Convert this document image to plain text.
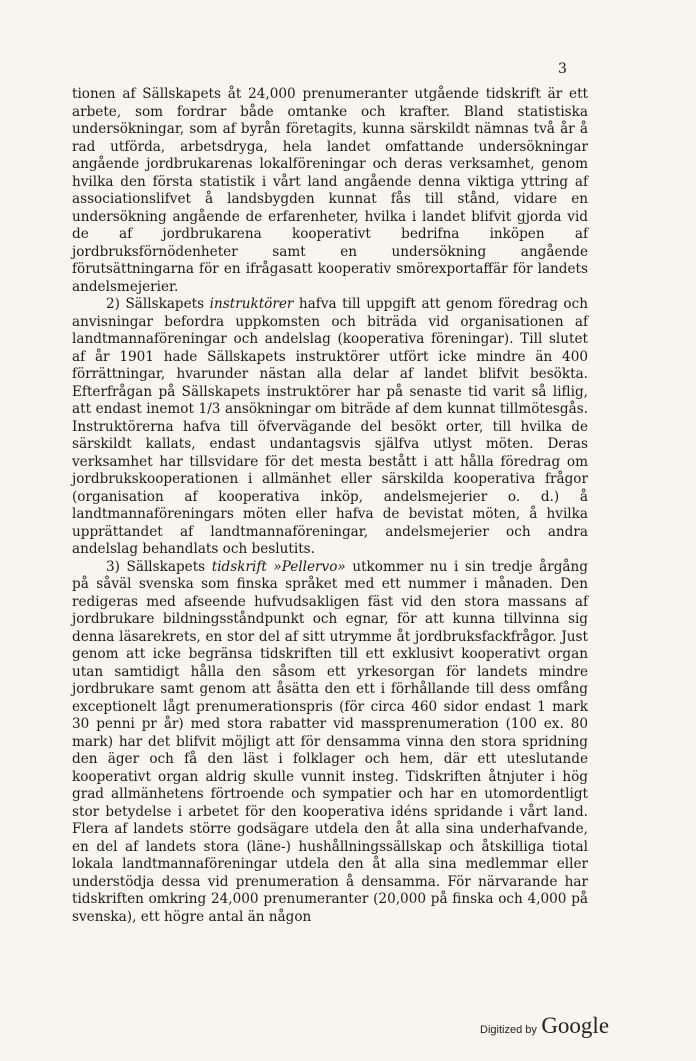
3

tionen af Sällskapets åt 24,000 prenumeranter utgående tidskrift är ett arbete, som fordrar både omtanke och krafter. Bland statistiska undersökningar, som af byrån företagits, kunna särskildt nämnas två år å rad utförda, arbetsdryga, hela landet omfattande undersökningar angående jordbrukarenas lokalföreningar och deras verksamhet, genom hvilka den första statistik i vårt land angående denna viktiga yttring af associationslifvet å landsbygden kunnat fås till stånd, vidare en undersökning angående de erfarenheter, hvilka i landet blifvit gjorda vid de af jordbrukarena kooperativt bedrifna inköpen af jordbruksförnödenheter samt en undersökning angående förutsättningarna för en ifrågasatt kooperativ smörexportaffär för landets andelsmejerier.

2) Sällskapets instruktörer hafva till uppgift att genom föredrag och anvisningar befordra uppkomsten och biträda vid organisationen af landtmannaföreningar och andelslag (kooperativa föreningar). Till slutet af år 1901 hade Sällskapets instruktörer utfört icke mindre än 400 förrättningar, hvarunder nästan alla delar af landet blifvit besökta. Efterfrågan på Sällskapets instruktörer har på senaste tid varit så liflig, att endast inemot 1/3 ansökningar om biträde af dem kunnat tillmötesgås. Instruktörerna hafva till öfvervägande del besökt orter, till hvilka de särskildt kallats, endast undantagsvis själfva utlyst möten. Deras verksamhet har tillsvidare för det mesta bestått i att hålla föredrag om jordbrukskooperationen i allmänhet eller särskilda kooperativa frågor (organisation af kooperativa inköp, andelsmejerier o. d.) å landtmannaföreningars möten eller hafva de bevistat möten, å hvilka upprättandet af landtmannaföreningar, andelsmejerier och andra andelslag behandlats och beslutits.

3) Sällskapets tidskrift »Pellervo» utkommer nu i sin tredje årgång på såväl svenska som finska språket med ett nummer i månaden. Den redigeras med afseende hufvudsakligen fäst vid den stora massans af jordbrukare bildningsståndpunkt och egnar, för att kunna tillvinna sig denna läsarekrets, en stor del af sitt utrymme åt jordbruksfackfrågor. Just genom att icke begränsa tidskriften till ett exklusivt kooperativt organ utan samtidigt hålla den såsom ett yrkesorgan för landets mindre jordbrukare samt genom att åsätta den ett i förhållande till dess omfång exceptionelt lågt prenumerationspris (för circa 460 sidor endast 1 mark 30 penni pr år) med stora rabatter vid massprenumeration (100 ex. 80 mark) har det blifvit möjligt att för densamma vinna den stora spridning den äger och få den läst i folklager och hem, där ett uteslutande kooperativt organ aldrig skulle vunnit insteg. Tidskriften åtnjuter i hög grad allmänhetens förtroende och sympatier och har en utomordentligt stor betydelse i arbetet för den kooperativa idéns spridande i vårt land. Flera af landets större godsägare utdela den åt alla sina underhafvande, en del af landets stora (läne-) hushållningssällskap och åtskilliga tiotal lokala landtmannaföreningar utdela den åt alla sina medlemmar eller understödja dessa vid prenumeration å densamma. För närvarande har tidskriften omkring 24,000 prenumeranter (20,000 på finska och 4,000 på svenska), ett högre antal än någon

Digitized by Google
